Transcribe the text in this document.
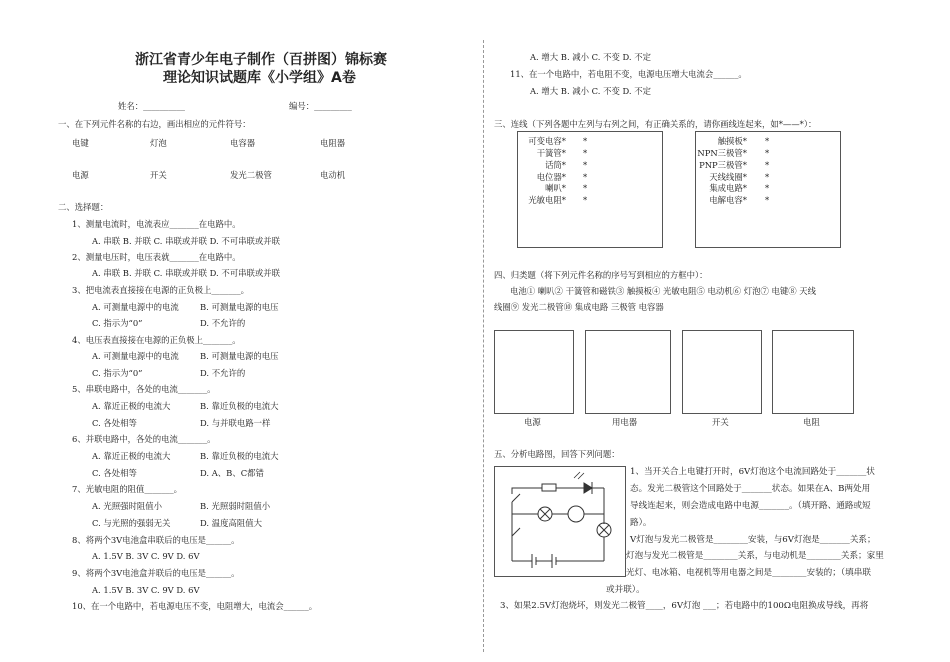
浙江省青少年电子制作（百拼图）锦标赛
理论知识试题库《小学组》A卷
姓名：__________	编号：_________
一、在下列元件名称的右边，画出相应的元件符号：
电键	灯泡	电容器	电阻器
电源	开关	发光二极管	电动机
二、选择题：
1、测量电流时，电流表应_______在电路中。
A. 串联 B. 并联 C. 串联或并联 D. 不可串联或并联
2、测量电压时，电压表就_______在电路中。
A. 串联 B. 并联 C. 串联或并联 D. 不可串联或并联
3、把电流表直接接在电源的正负极上_______。
A. 可测量电源中的电流	B. 可测量电源的电压
C. 指示为“0”	D. 不允许的
4、电压表直接接在电源的正负极上_______。
A. 可测量电源中的电流	B. 可测量电源的电压
C. 指示为“0”	D. 不允许的
5、串联电路中，各处的电流_______。
A. 靠近正极的电流大	B. 靠近负极的电流大
C. 各处相等	D. 与并联电路一样
6、并联电路中，各处的电流_______。
A. 靠近正极的电流大	B. 靠近负极的电流大
C. 各处相等	D. A、B、C都错
7、光敏电阻的阻值_______。
A. 光照强时阻值小	B. 光照弱时阻值小
C. 与光照的强弱无关	D. 温度高阻值大
8、将两个3V电池盒串联后的电压是______。
A. 1.5V B. 3V C. 9V D. 6V
9、将两个3V电池盒并联后的电压是______。
A. 1.5V B. 3V C. 9V D. 6V
10、在一个电路中，若电源电压不变，电阻增大，电流会______。
A. 增大 B. 减小 C. 不变 D. 不定
11、在一个电路中，若电阻不变，电源电压增大电流会______。
A. 增大 B. 减小 C. 不变 D. 不定
三、连线（下列各题中左列与右列之间，有正确关系的，请你画线连起来，如*——*）：
可变电容*
干簧管*
话筒*
电位器*
喇叭*
光敏电阻*
*
*
*
*
*
*
触摸板*
NPN三极管*
PNP三极管*
天线线圈*
集成电路*
电解电容*
*
*
*
*
*
*
四、归类题（将下列元件名称的序号写到相应的方框中）：
电池① 喇叭② 干簧管和磁铁③ 触摸板④ 光敏电阻⑤ 电动机⑥ 灯泡⑦ 电键⑧ 天线
线圈⑨ 发光二极管⑩ 集成电路 三极管 电容器
电源	用电器	开关	电阻
五、分析电路图，回答下列问题：
1、当开关合上电键打开时，6V灯泡这个电流回路处于_______状
态。发光二极管这个回路处于_______状态。如果在A、B两处用
导线连起来，则会造成电路中电源_______。（填开路、通路或短
路）。
V灯泡与发光二极管是________安装，与6V灯泡是_______关系；
灯泡与发光二极管是________关系，与电动机是________关系；家里
光灯、电冰箱、电视机等用电器之间是________安装的；（填串联
或并联）。
3、如果2.5V灯泡烧坏，则发光二极管____，6V灯泡 ___；若电路中的100Ω电阻换成导线，再将
